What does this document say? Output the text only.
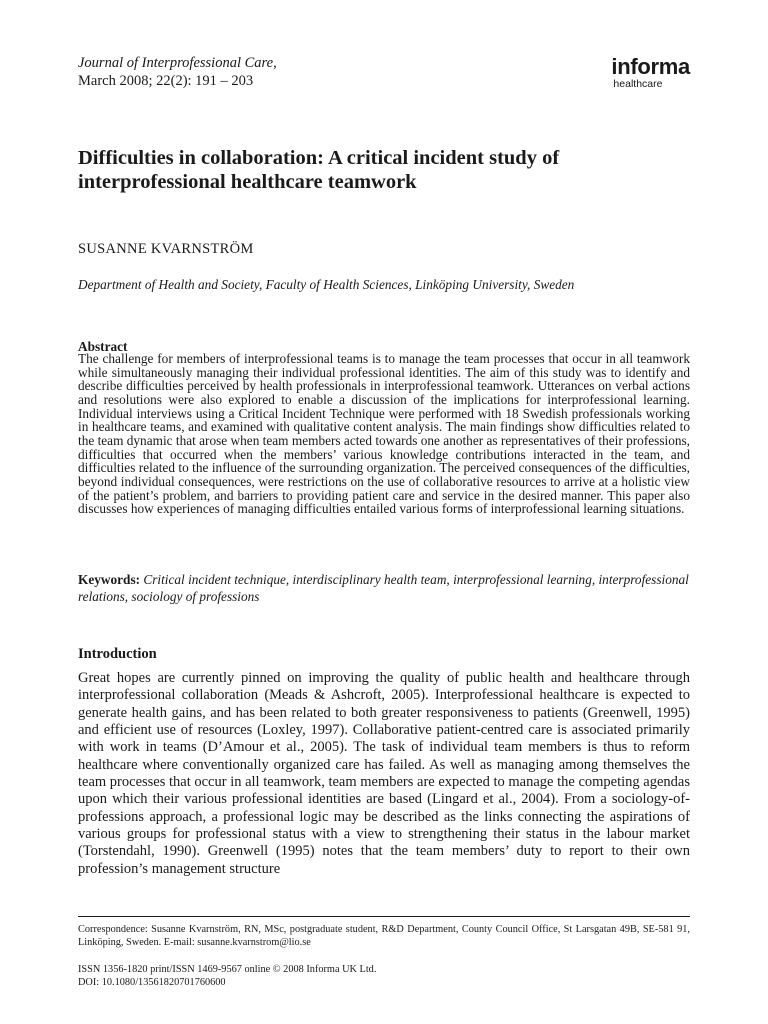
Journal of Interprofessional Care,
March 2008; 22(2): 191 – 203
informa
healthcare
Difficulties in collaboration: A critical incident study of interprofessional healthcare teamwork
SUSANNE KVARNSTRÖM
Department of Health and Society, Faculty of Health Sciences, Linköping University, Sweden
Abstract

The challenge for members of interprofessional teams is to manage the team processes that occur in all teamwork while simultaneously managing their individual professional identities. The aim of this study was to identify and describe difficulties perceived by health professionals in interprofessional teamwork. Utterances on verbal actions and resolutions were also explored to enable a discussion of the implications for interprofessional learning. Individual interviews using a Critical Incident Technique were performed with 18 Swedish professionals working in healthcare teams, and examined with qualitative content analysis. The main findings show difficulties related to the team dynamic that arose when team members acted towards one another as representatives of their professions, difficulties that occurred when the members’ various knowledge contributions interacted in the team, and difficulties related to the influence of the surrounding organization. The perceived consequences of the difficulties, beyond individual consequences, were restrictions on the use of collaborative resources to arrive at a holistic view of the patient’s problem, and barriers to providing patient care and service in the desired manner. This paper also discusses how experiences of managing difficulties entailed various forms of interprofessional learning situations.

Keywords: Critical incident technique, interdisciplinary health team, interprofessional learning, interprofessional relations, sociology of professions

Introduction

Great hopes are currently pinned on improving the quality of public health and healthcare through interprofessional collaboration (Meads & Ashcroft, 2005). Interprofessional healthcare is expected to generate health gains, and has been related to both greater responsiveness to patients (Greenwell, 1995) and efficient use of resources (Loxley, 1997). Collaborative patient-centred care is associated primarily with work in teams (D’Amour et al., 2005). The task of individual team members is thus to reform healthcare where conventionally organized care has failed. As well as managing among themselves the team processes that occur in all teamwork, team members are expected to manage the competing agendas upon which their various professional identities are based (Lingard et al., 2004). From a sociology-of-professions approach, a professional logic may be described as the links connecting the aspirations of various groups for professional status with a view to strengthening their status in the labour market (Torstendahl, 1990). Greenwell (1995) notes that the team members’ duty to report to their own profession’s management structure

Correspondence: Susanne Kvarnström, RN, MSc, postgraduate student, R&D Department, County Council Office, St Larsgatan 49B, SE-581 91, Linköping, Sweden. E-mail: susanne.kvarnstrom@lio.se

ISSN 1356-1820 print/ISSN 1469-9567 online © 2008 Informa UK Ltd.
DOI: 10.1080/13561820701760600
